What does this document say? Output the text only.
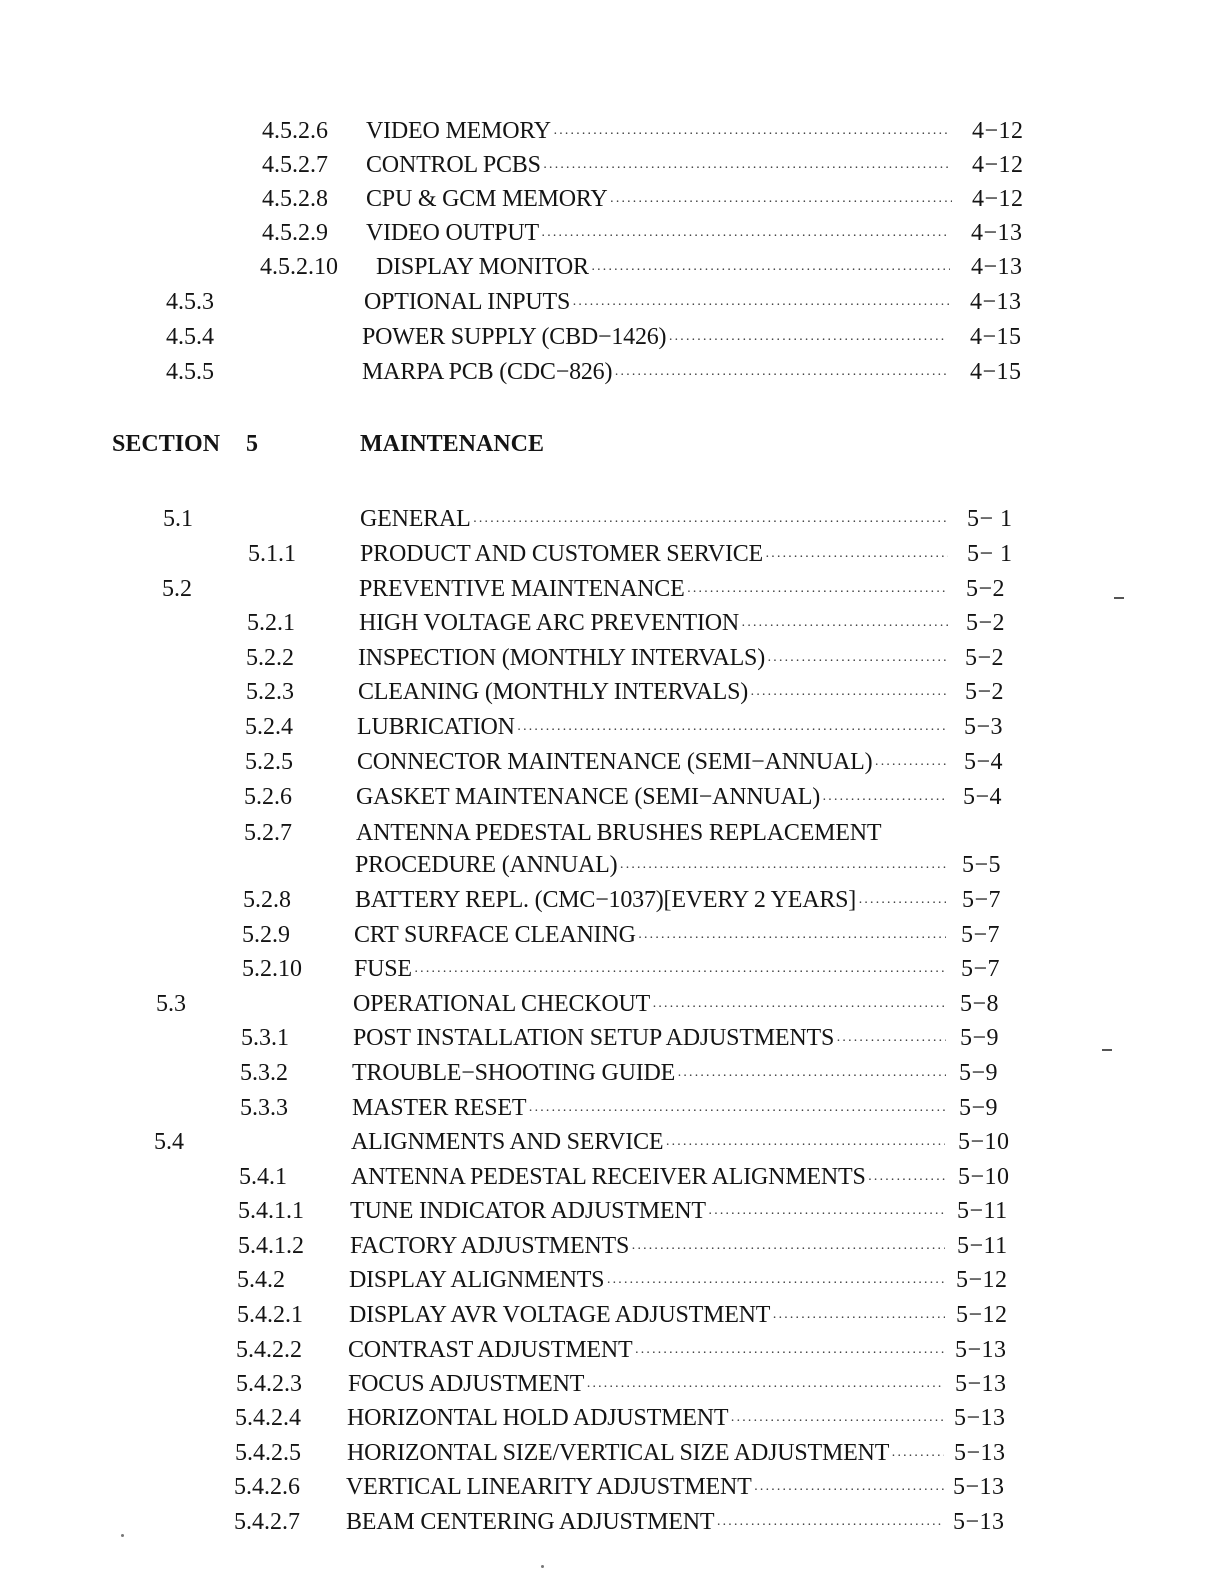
SECTION 5	MAINTENANCE
4.5.2.6 VIDEO MEMORY ·····	4−12
4.5.2.7 CONTROL PCBS ·····	4−12
4.5.2.8 CPU & GCM MEMORY ·····	4−12
4.5.2.9 VIDEO OUTPUT ·····	4−13
4.5.2.10 DISPLAY MONITOR ·····	4−13
4.5.3	OPTIONAL INPUTS ·····	4−13
4.5.4	POWER SUPPLY (CBD−1426) ·····	4−15
4.5.5	MARPA PCB (CDC−826) ·····	4−15
5.1	GENERAL ·····	5− 1
5.1.1	PRODUCT AND CUSTOMER SERVICE ·····	5− 1
5.2	PREVENTIVE MAINTENANCE ·····	5−2
5.2.1	HIGH VOLTAGE ARC PREVENTION ·····	5−2
5.2.2	INSPECTION (MONTHLY INTERVALS) ·····	5−2
5.2.3	CLEANING (MONTHLY INTERVALS) ·····	5−2
5.2.4	LUBRICATION ·····	5−3
5.2.5	CONNECTOR MAINTENANCE (SEMI−ANNUAL) ·····	5−4
5.2.6	GASKET MAINTENANCE (SEMI−ANNUAL) ·····	5−4
5.2.7	ANTENNA PEDESTAL BRUSHES REPLACEMENT
PROCEDURE (ANNUAL) ·····	5−5
5.2.8	BATTERY REPL. (CMC−1037)[EVERY 2 YEARS] ·····	5−7
5.2.9	CRT SURFACE CLEANING ·····	5−7
5.2.10 FUSE ·····	5−7
5.3	OPERATIONAL CHECKOUT ·····	5−8
5.3.1	POST INSTALLATION SETUP ADJUSTMENTS ·····	5−9
5.3.2	TROUBLE−SHOOTING GUIDE ·····	5−9
5.3.3	MASTER RESET ·····	5−9
5.4	ALIGNMENTS AND SERVICE ·····	5−10
5.4.1	ANTENNA PEDESTAL RECEIVER ALIGNMENTS ·····	5−10
5.4.1.1 TUNE INDICATOR ADJUSTMENT ·····	5−11
5.4.1.2 FACTORY ADJUSTMENTS ·····	5−11
5.4.2	DISPLAY ALIGNMENTS ·····	5−12
5.4.2.1 DISPLAY AVR VOLTAGE ADJUSTMENT ·····	5−12
5.4.2.2 CONTRAST ADJUSTMENT ·····	5−13
5.4.2.3 FOCUS ADJUSTMENT ·····	5−13
5.4.2.4 HORIZONTAL HOLD ADJUSTMENT ·····	5−13
5.4.2.5 HORIZONTAL SIZE/VERTICAL SIZE ADJUSTMENT ·····	5−13
5.4.2.6 VERTICAL LINEARITY ADJUSTMENT ·····	5−13
5.4.2.7 BEAM CENTERING ADJUSTMENT ·····	5−13
